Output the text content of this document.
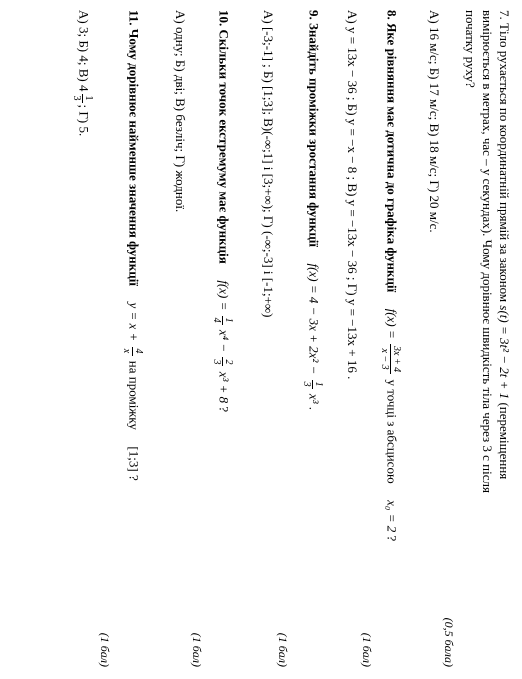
7. Тіло рухається по координатній прямій за законом s(t) = 3t² − 2t + 1 (переміщення
вимірюється в метрах, час – у секундах). Чому дорівнює швидкість тіла через 3 с після
початку руху?
(0,5 бала)
А) 16 м/с; Б) 17 м/с; В) 18 м/с; Г) 20 м/с.
8. Яке рівняння має дотична до графіка функції  f(x) =
3x + 4
x − 3
у точці з абсцисою  x₀ = 2 ?
(1 бал)
А) y = 13x − 36 ; Б) y = −x − 8 ; В) y = −13x − 36 ; Г) y = −13x + 16 .
9. Знайдіть проміжки зростання функції  f(x) = 4 − 3x + 2x² −
1
3
x³ .
(1 бал)
А) [-3;-1] ; Б) [1;3]; В)(-∞;1] і [3;+∞); Г) (-∞;-3] і [-1;+∞)
10. Скільки точок екстремуму має функція  f(x) =
1
4
x⁴ −
2
3
x³ + 8 ?
(1 бал)
А) одну; Б) дві; В) безліч; Г) жодної.
11. Чому дорівнює найменше значення функції  y = x +
4
x
на проміжку  [1;3] ?
(1 бал)
А) 3; Б) 4; В) 4
1
3
; Г) 5.
